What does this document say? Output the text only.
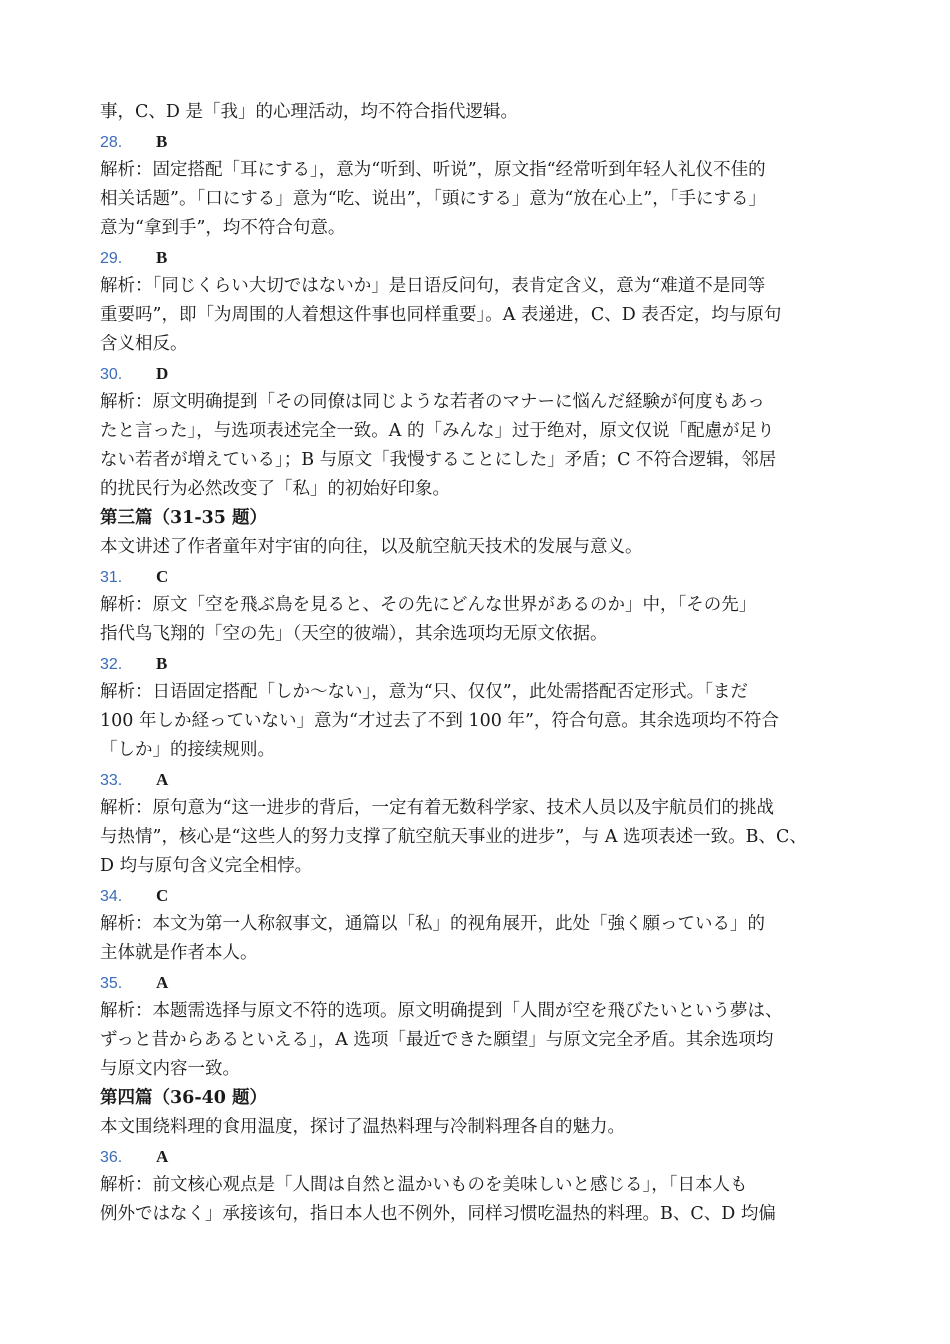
事，C、D 是「我」的心理活动，均不符合指代逻辑。
28. B
解析：固定搭配「耳にする」，意为“听到、听说”，原文指“经常听到年轻人礼仪不佳的
相关话题”。「口にする」意为“吃、说出”，「頭にする」意为“放在心上”，「手にする」
意为“拿到手”，均不符合句意。
29. B
解析：「同じくらい大切ではないか」是日语反问句，表肯定含义，意为“难道不是同等
重要吗”，即「为周围的人着想这件事也同样重要」。A 表递进，C、D 表否定，均与原句
含义相反。
30. D
解析：原文明确提到「その同僚は同じような若者のマナーに悩んだ経験が何度もあっ
たと言った」，与选项表述完全一致。A 的「みんな」过于绝对，原文仅说「配慮が足り
ない若者が増えている」；B 与原文「我慢することにした」矛盾；C 不符合逻辑，邻居
的扰民行为必然改变了「私」的初始好印象。
第三篇（31-35 题）
本文讲述了作者童年对宇宙的向往，以及航空航天技术的发展与意义。
31. C
解析：原文「空を飛ぶ鳥を見ると、その先にどんな世界があるのか」中，「その先」
指代鸟飞翔的「空の先」（天空的彼端），其余选项均无原文依据。
32. B
解析：日语固定搭配「しか～ない」，意为“只、仅仅”，此处需搭配否定形式。「まだ
100 年しか経っていない」意为“才过去了不到 100 年”，符合句意。其余选项均不符合
「しか」的接续规则。
33. A
解析：原句意为“这一进步的背后，一定有着无数科学家、技术人员以及宇航员们的挑战
与热情”，核心是“这些人的努力支撑了航空航天事业的进步”，与 A 选项表述一致。B、C、
D 均与原句含义完全相悖。
34. C
解析：本文为第一人称叙事文，通篇以「私」的视角展开，此处「強く願っている」的
主体就是作者本人。
35. A
解析：本题需选择与原文不符的选项。原文明确提到「人間が空を飛びたいという夢は、
ずっと昔からあるといえる」，A 选项「最近できた願望」与原文完全矛盾。其余选项均
与原文内容一致。
第四篇（36-40 题）
本文围绕料理的食用温度，探讨了温热料理与冷制料理各自的魅力。
36. A
解析：前文核心观点是「人間は自然と温かいものを美味しいと感じる」，「日本人も
例外ではなく」承接该句，指日本人也不例外，同样习惯吃温热的料理。B、C、D 均偏
